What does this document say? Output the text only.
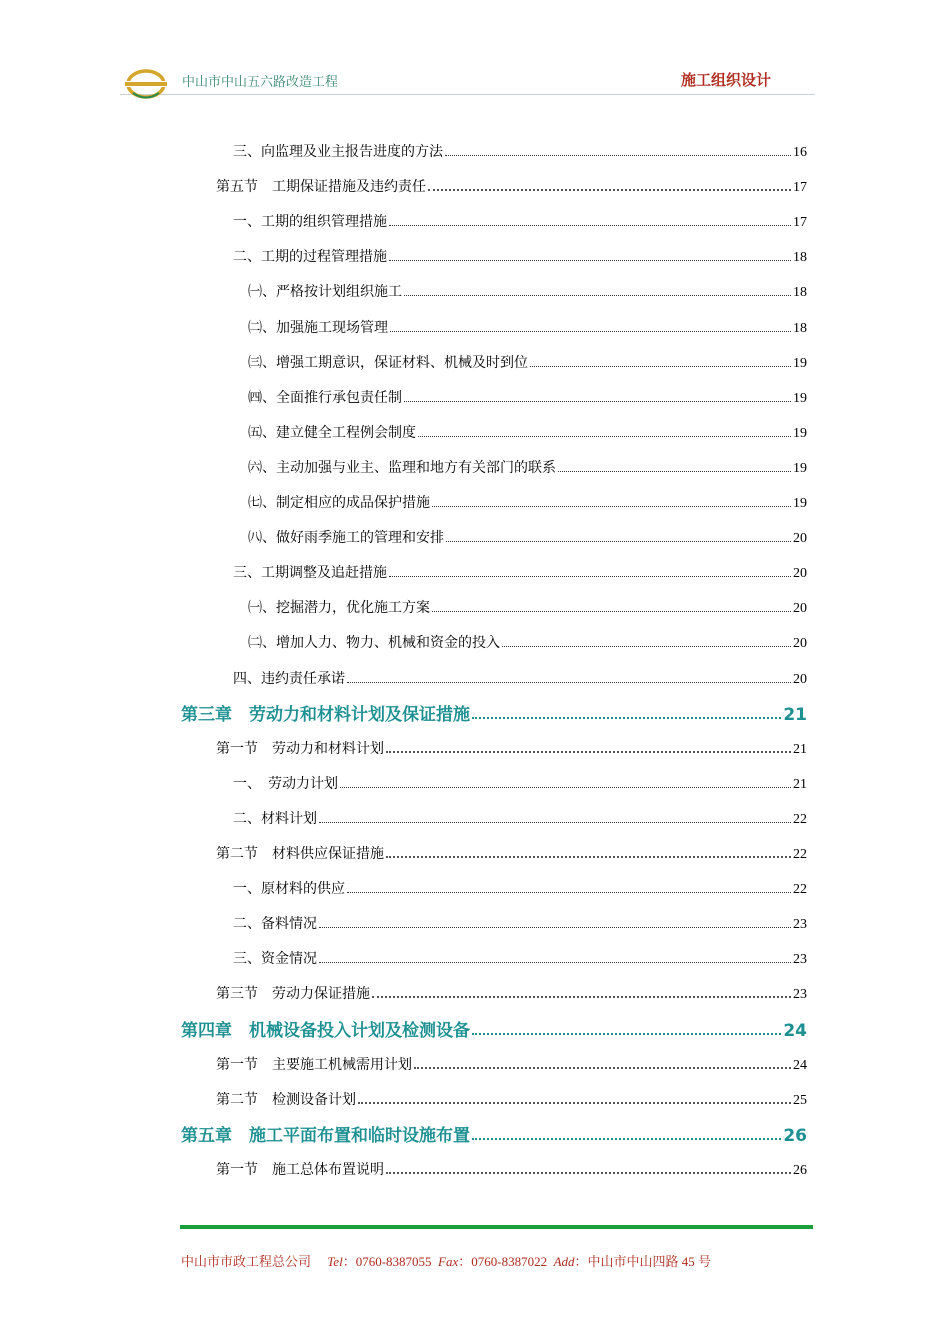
中山市中山五六路改造工程	施工组织设计
三、向监理及业主报告进度的方法	16
第五节　工期保证措施及违约责任	17
一、工期的组织管理措施	17
二、工期的过程管理措施	18
㈠、严格按计划组织施工	18
㈡、加强施工现场管理	18
㈢、增强工期意识，保证材料、机械及时到位	19
㈣、全面推行承包责任制	19
㈤、建立健全工程例会制度	19
㈥、主动加强与业主、监理和地方有关部门的联系	19
㈦、制定相应的成品保护措施	19
㈧、做好雨季施工的管理和安排	20
三、工期调整及追赶措施	20
㈠、挖掘潜力，优化施工方案	20
㈡、增加人力、物力、机械和资金的投入	20
四、违约责任承诺	20
第三章　劳动力和材料计划及保证措施	21
第一节　劳动力和材料计划	21
一、　劳动力计划	21
二、材料计划	22
第二节　材料供应保证措施	22
一、原材料的供应	22
二、备料情况	23
三、资金情况	23
第三节　劳动力保证措施	23
第四章　机械设备投入计划及检测设备	24
第一节　主要施工机械需用计划	24
第二节　检测设备计划	25
第五章　施工平面布置和临时设施布置	26
第一节　施工总体布置说明	26
中山市市政工程总公司 Tel：0760-8387055 Fax：0760-8387022 Add：中山市中山四路 45 号
